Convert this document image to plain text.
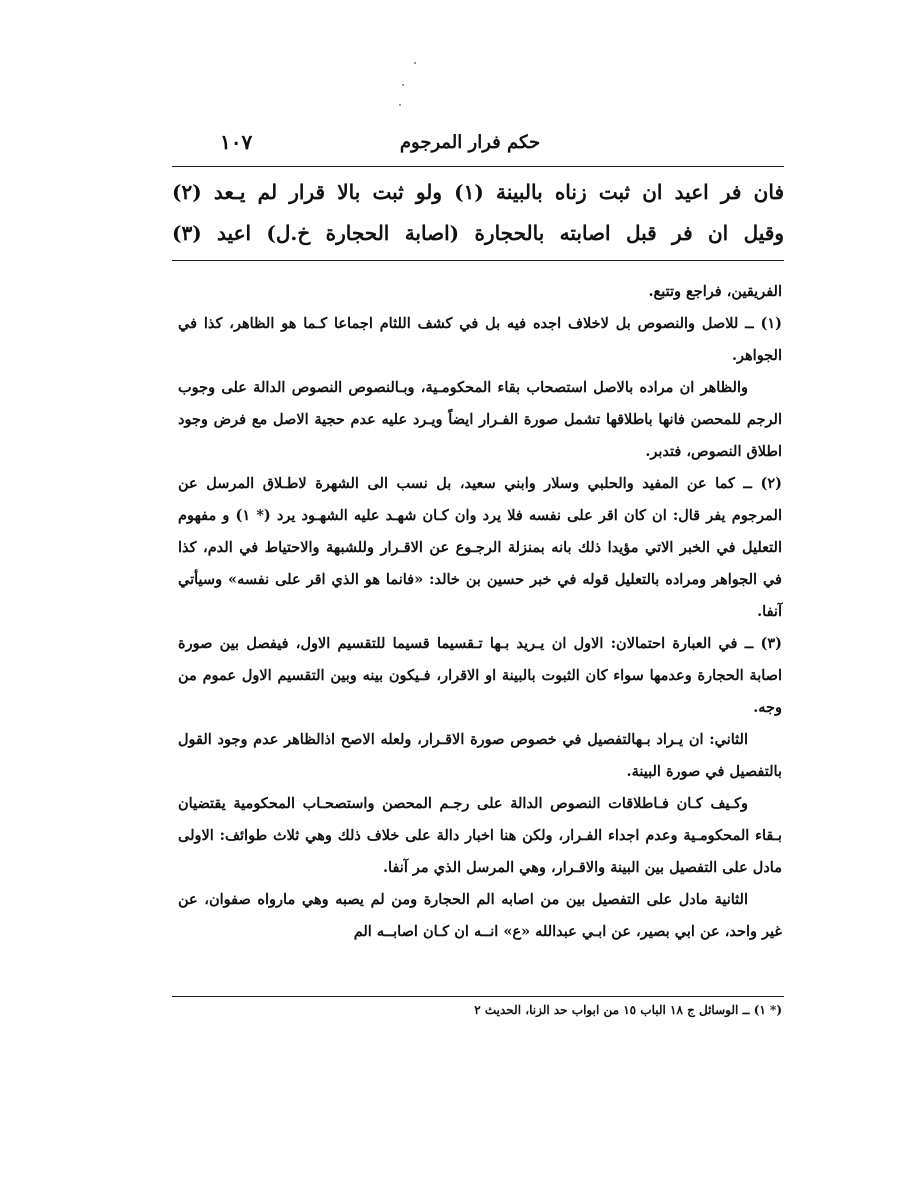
١٠٧	حكم فرار المرجوم
فان فر اعيد ان ثبت زناه بالبينة (١) ولو ثبت بالا قرار لم يـعد (٢)
وقيل ان فر قبل اصابته بالحجارة (اصابة الحجارة خ.ل) اعيد (٣)

الفريقين، فراجع وتتبع.

(١) ــ للاصل والنصوص بل لاخلاف اجده فيه بل في كشف اللثام اجماعا كـما هو الظاهر، كذا في الجواهر.

والظاهر ان مراده بالاصل استصحاب بقاء المحكومـية، وبـالنصوص النصوص الدالة على وجوب الرجم للمحصن فانها باطلاقها تشمل صورة الفـرار ايضاً ويـرد عليه عدم حجية الاصل مع فرض وجود اطلاق النصوص، فتدبر.

(٢) ــ كما عن المفيد والحلبي وسلار وابني سعيد، بل نسب الى الشهرة لاطـلاق المرسل عن المرجوم يفر قال: ان كان اقر على نفسه فلا يرد وان كـان شهـد عليه الشهـود يرد (* ١) و مفهوم التعليل في الخبر الاتي مؤيدا ذلك بانه بمنزلة الرجـوع عن الاقـرار وللشبهة والاحتياط في الدم، كذا في الجواهر ومراده بالتعليل قوله في خبر حسين بن خالد: «فانما هو الذي اقر على نفسه» وسيأتي آنفا.

(٣) ــ في العبارة احتمالان: الاول ان يـريد بـها تـقسيما قسيما للتقسيم الاول، فيفصل بين صورة اصابة الحجارة وعدمها سواء كان الثبوت بالبينة او الاقرار، فـيكون بينه وبين التقسيم الاول عموم من وجه.

الثاني: ان يـراد بـهالتفصيل في خصوص صورة الاقـرار، ولعله الاصح اذالظاهر عدم وجود القول بالتفصيل في صورة البينة.

وكـيف كـان فـاطلاقات النصوص الدالة على رجـم المحصن واستصحـاب المحكومية يقتضيان بـقاء المحكومـية وعدم اجداء الفـرار، ولكن هنا اخبار دالة على خلاف ذلك وهي ثلاث طوائف: الاولى مادل على التفصيل بين البينة والاقـرار، وهي المرسل الذي مر آنفا.

الثانية مادل على التفصيل بين من اصابه الم الحجارة ومن لم يصبه وهي مارواه صفوان، عن غير واحد، عن ابي بصير، عن ابـي عبدالله «ع» انــه ان كـان اصابــه الم

(* ١) ــ الوسائل ج ١٨ الباب ١٥ من ابواب حد الزنا، الحديث ٢
